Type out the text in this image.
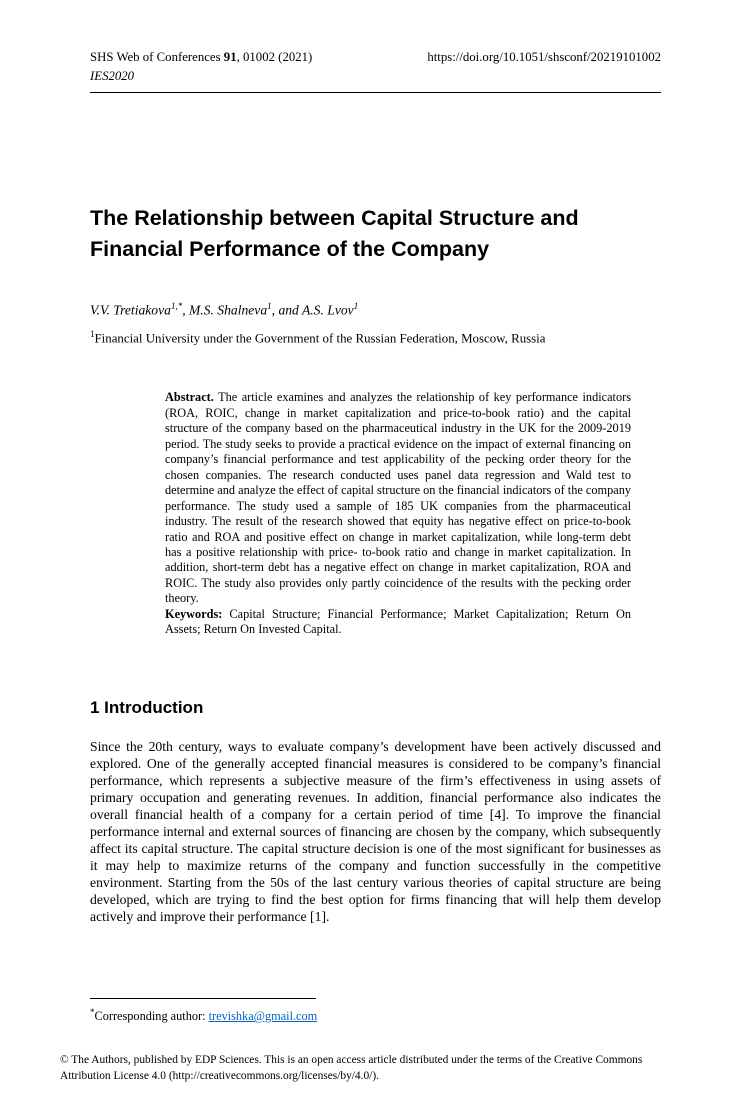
SHS Web of Conferences 91, 01002 (2021)	https://doi.org/10.1051/shsconf/20219101002
IES2020
The Relationship between Capital Structure and Financial Performance of the Company
V.V. Tretiakova$^{1,*}$, M.S. Shalneva$^1$, and A.S. Lvov$^1$
$^1$Financial University under the Government of the Russian Federation, Moscow, Russia

Abstract. The article examines and analyzes the relationship of key performance indicators (ROA, ROIC, change in market capitalization and price-to-book ratio) and the capital structure of the company based on the pharmaceutical industry in the UK for the 2009-2019 period. The study seeks to provide a practical evidence on the impact of external financing on company’s financial performance and test applicability of the pecking order theory for the chosen companies. The research conducted uses panel data regression and Wald test to determine and analyze the effect of capital structure on the financial indicators of the company performance. The study used a sample of 185 UK companies from the pharmaceutical industry. The result of the research showed that equity has negative effect on price-to-book ratio and ROA and positive effect on change in market capitalization, while long-term debt has a positive relationship with price- to-book ratio and change in market capitalization. In addition, short-term debt has a negative effect on change in market capitalization, ROA and ROIC. The study also provides only partly coincidence of the results with the pecking order theory.

Keywords: Capital Structure; Financial Performance; Market Capitalization; Return On Assets; Return On Invested Capital.

1 Introduction

Since the 20th century, ways to evaluate company’s development have been actively discussed and explored. One of the generally accepted financial measures is considered to be company’s financial performance, which represents a subjective measure of the firm’s effectiveness in using assets of primary occupation and generating revenues. In addition, financial performance also indicates the overall financial health of a company for a certain period of time [4]. To improve the financial performance internal and external sources of financing are chosen by the company, which subsequently affect its capital structure. The capital structure decision is one of the most significant for businesses as it may help to maximize returns of the company and function successfully in the competitive environment. Starting from the 50s of the last century various theories of capital structure are being developed, which are trying to find the best option for firms financing that will help them develop actively and improve their performance [1].

*Corresponding author: trevishka@gmail.com
© The Authors, published by EDP Sciences. This is an open access article distributed under the terms of the Creative Commons Attribution License 4.0 (http://creativecommons.org/licenses/by/4.0/).
